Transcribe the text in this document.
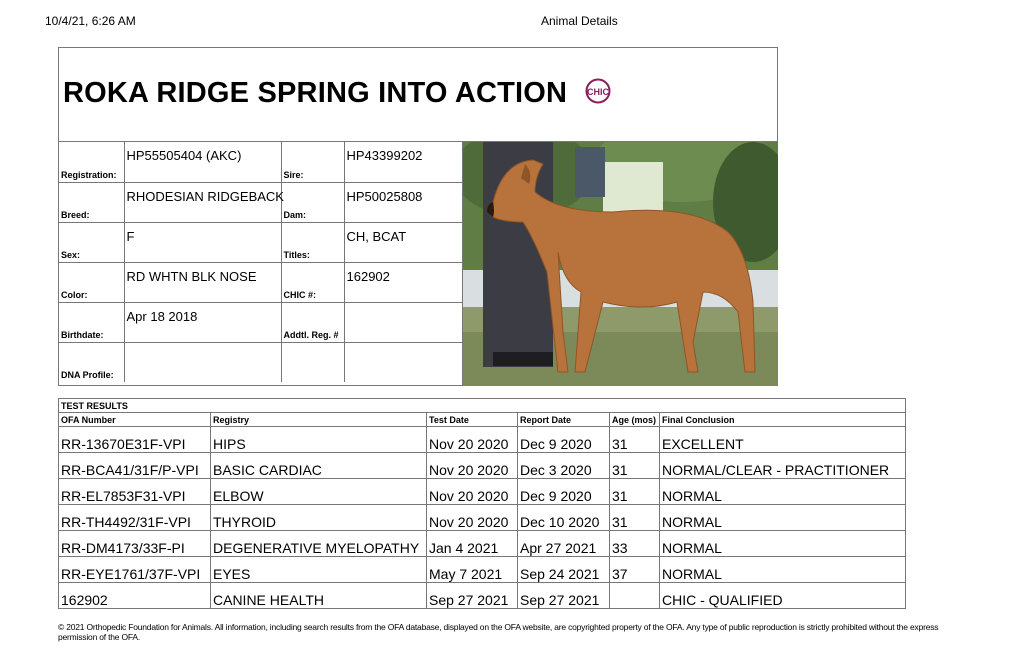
10/4/21, 6:26 AM	Animal Details
ROKA RIDGE SPRING INTO ACTION CHIC
Registration:	HP55505404 (AKC)	Sire:	HP43399202

Breed:	RHODESIAN RIDGEBACK	Dam:	HP50025808

Sex:	F	Titles:	CH, BCAT

Color:	RD WHTN BLK NOSE	CHIC #:	162902

Birthdate:	Apr 18 2018	Addtl. Reg. #	

DNA Profile:			

TEST RESULTS					
OFA Number	Registry	Test Date	Report Date	Age (mos)	Final Conclusion
RR-13670E31F-VPI	HIPS	Nov 20 2020	Dec 9 2020	31	EXCELLENT
RR-BCA41/31F/P-VPI	BASIC CARDIAC	Nov 20 2020	Dec 3 2020	31	NORMAL/CLEAR - PRACTITIONER
RR-EL7853F31-VPI	ELBOW	Nov 20 2020	Dec 9 2020	31	NORMAL
RR-TH4492/31F-VPI	THYROID	Nov 20 2020	Dec 10 2020	31	NORMAL
RR-DM4173/33F-PI	DEGENERATIVE MYELOPATHY	Jan 4 2021	Apr 27 2021	33	NORMAL
RR-EYE1761/37F-VPI	EYES	May 7 2021	Sep 24 2021	37	NORMAL
162902	CANINE HEALTH	Sep 27 2021	Sep 27 2021		CHIC - QUALIFIED
© 2021 Orthopedic Foundation for Animals. All information, including search results from the OFA database, displayed on the OFA website, are copyrighted property of the OFA. Any type of public reproduction is strictly prohibited without the express permission of the OFA.
